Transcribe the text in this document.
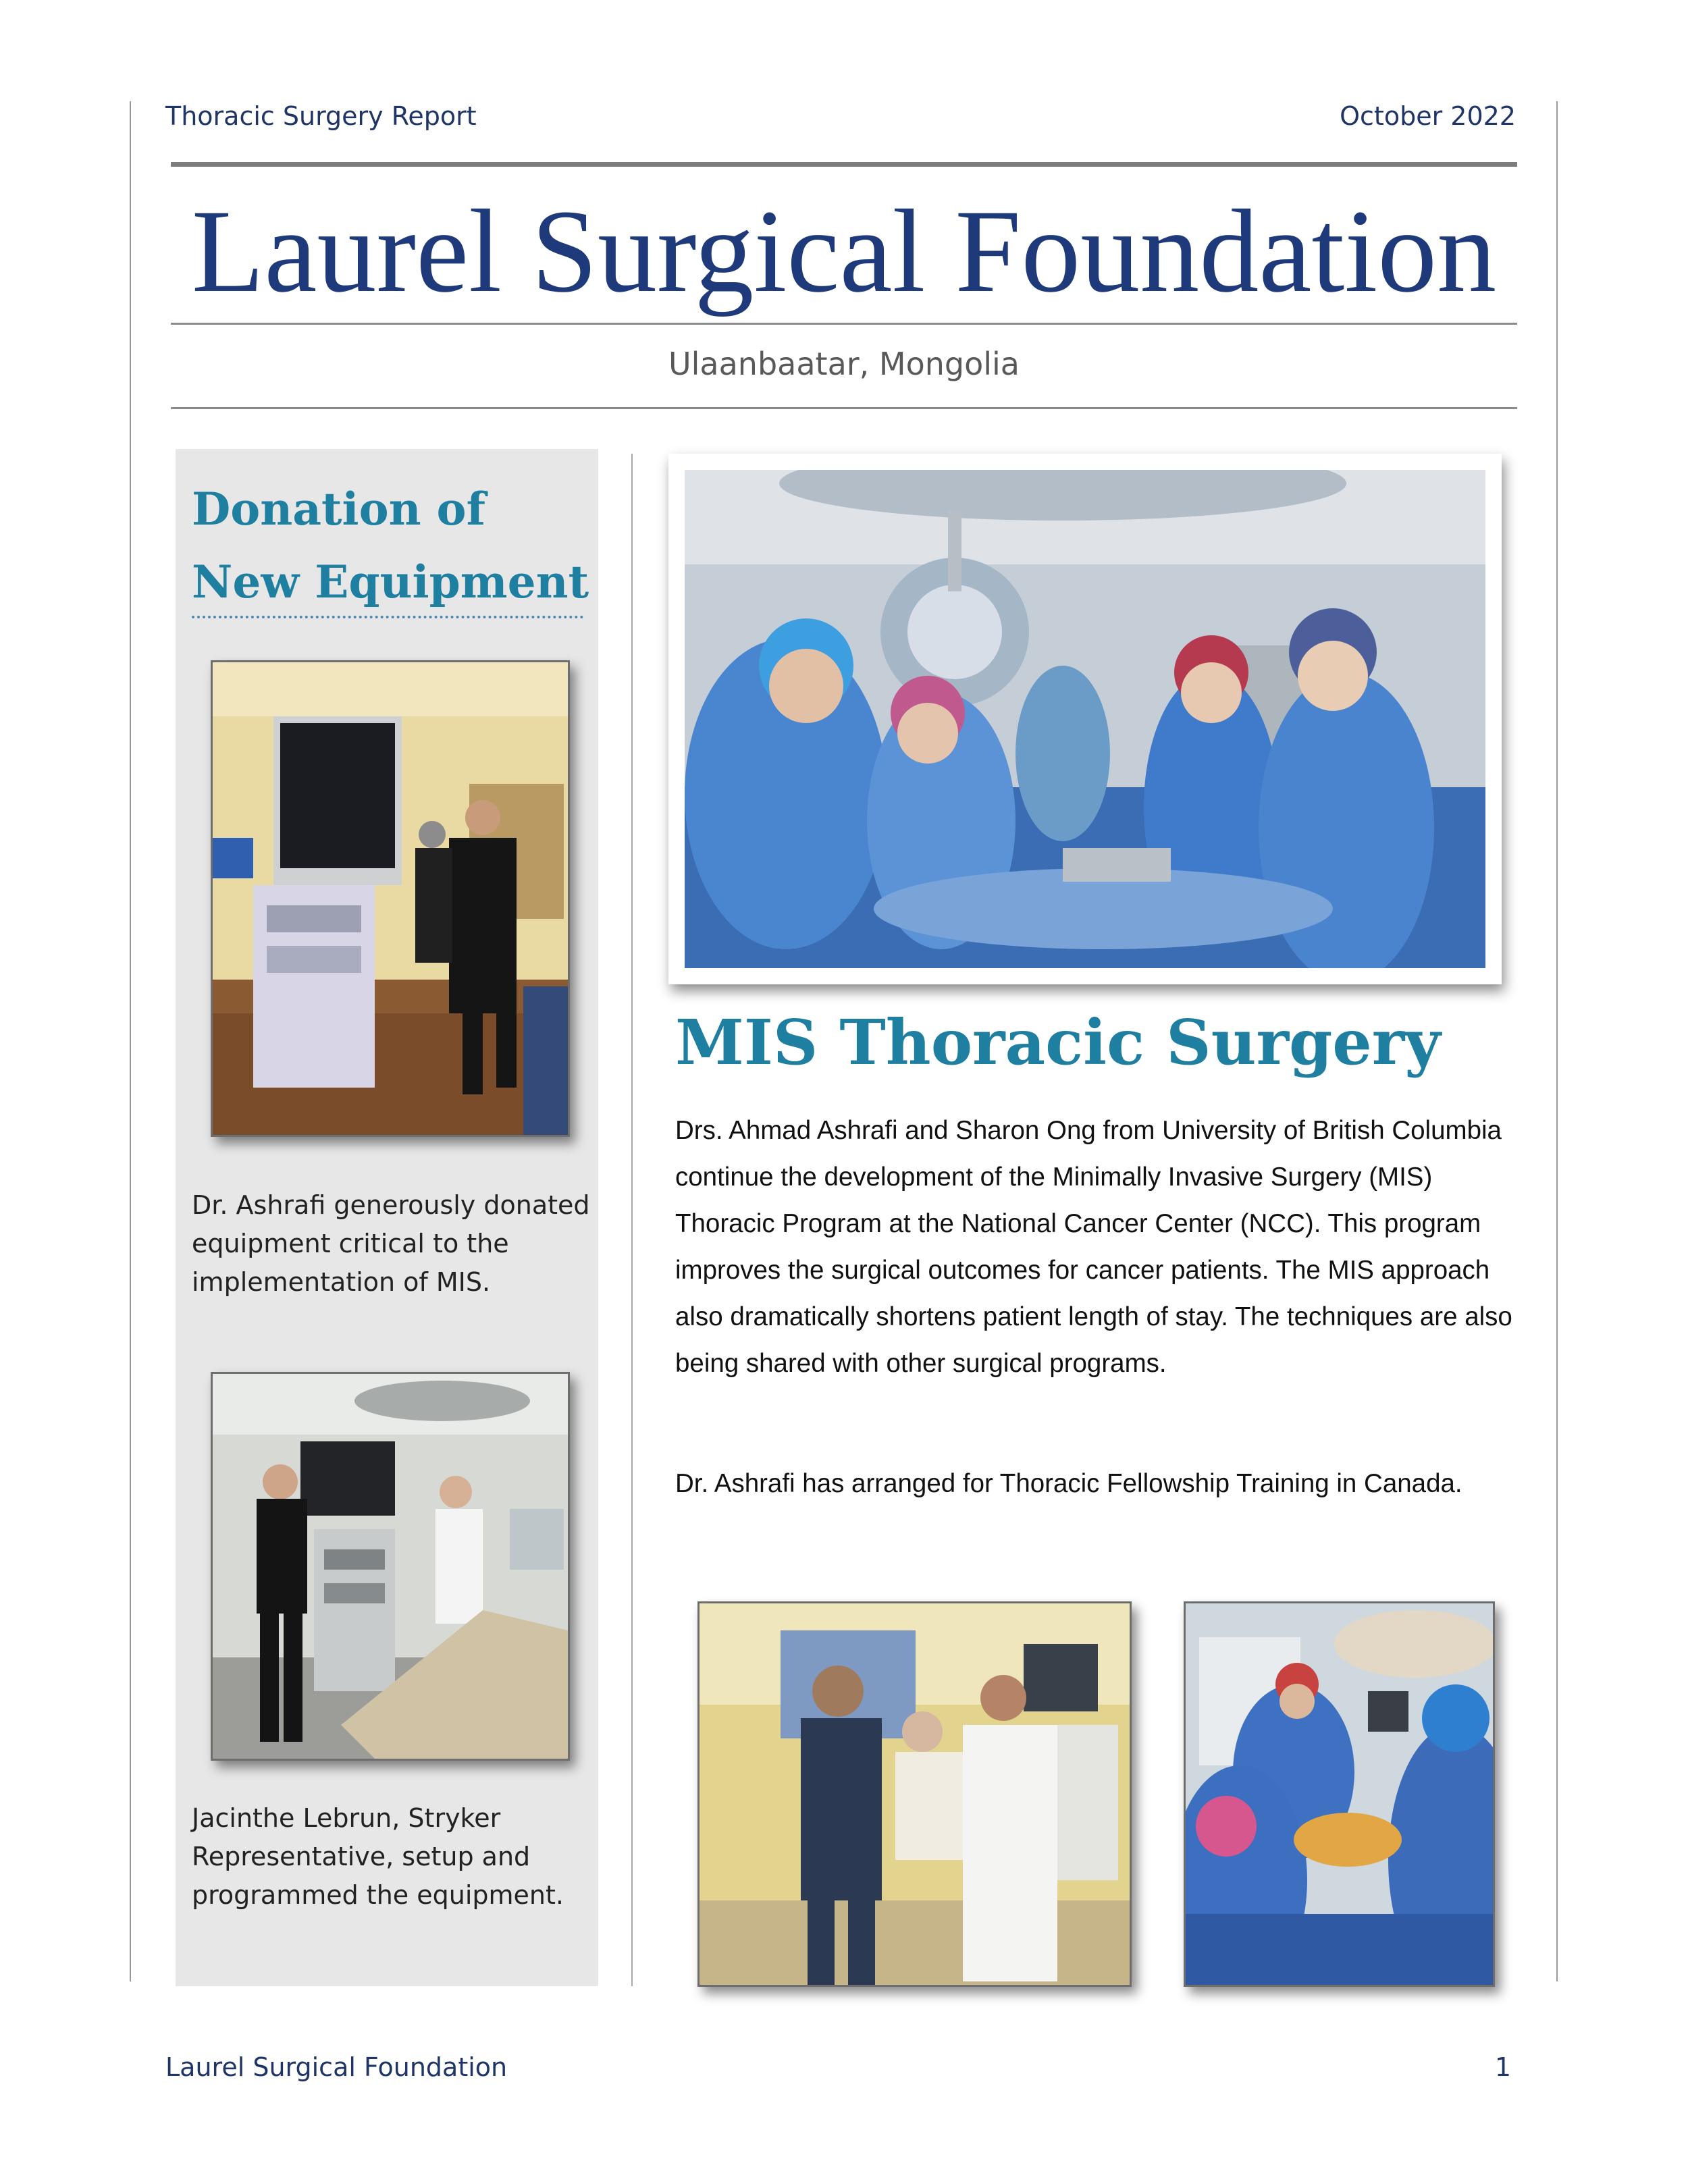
Thoracic Surgery Report	October 2022
Laurel Surgical Foundation
Ulaanbaatar, Mongolia
Donation of
New Equipment
Dr. Ashrafi generously donated equipment critical to the implementation of MIS.
Jacinthe Lebrun, Stryker Representative, setup and programmed the equipment.
MIS Thoracic Surgery
Drs. Ahmad Ashrafi and Sharon Ong from University of British Columbia continue the development of the Minimally Invasive Surgery (MIS) Thoracic Program at the National Cancer Center (NCC). This program improves the surgical outcomes for cancer patients. The MIS approach also dramatically shortens patient length of stay. The techniques are also being shared with other surgical programs.
Dr. Ashrafi has arranged for Thoracic Fellowship Training in Canada.
Laurel Surgical Foundation	1
